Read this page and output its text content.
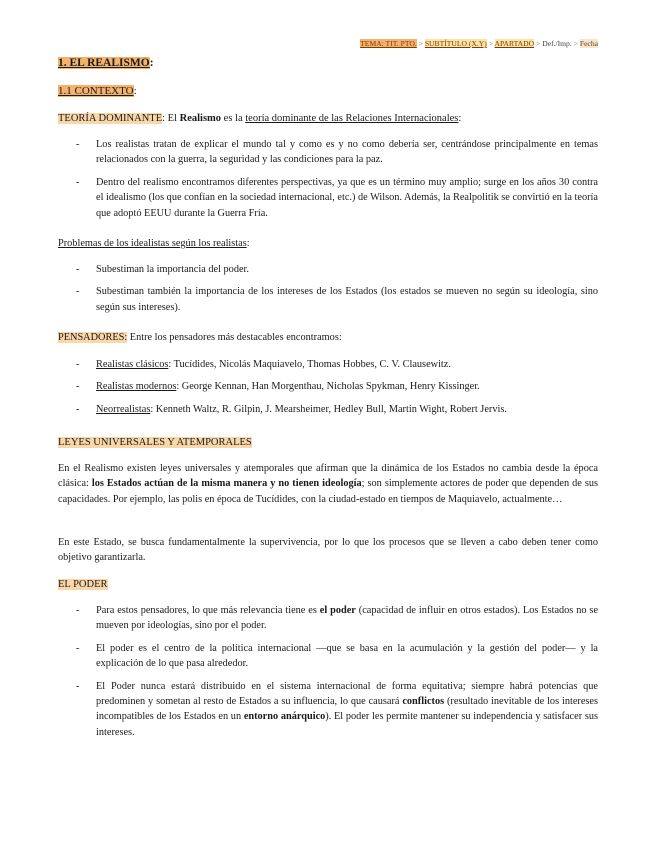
TEMA: TIT. PTO. > SUBTÍTULO (X.Y) > APARTADO > Def./Imp. > Fecha
1. EL REALISMO:
1.1 CONTEXTO:
TEORÍA DOMINANTE: El Realismo es la teoría dominante de las Relaciones Internacionales:
- Los realistas tratan de explicar el mundo tal y como es y no como debería ser, centrándose principalmente en temas relacionados con la guerra, la seguridad y las condiciones para la paz.
- Dentro del realismo encontramos diferentes perspectivas, ya que es un término muy amplio; surge en los años 30 contra el idealismo (los que confían en la sociedad internacional, etc.) de Wilson. Además, la Realpolitik se convirtió en la teoría que adoptó EEUU durante la Guerra Fría.
Problemas de los idealistas según los realistas:
- Subestiman la importancia del poder.
- Subestiman también la importancia de los intereses de los Estados (los estados se mueven no según su ideología, sino según sus intereses).
PENSADORES: Entre los pensadores más destacables encontramos:
- Realistas clásicos: Tucídides, Nicolás Maquiavelo, Thomas Hobbes, C. V. Clausewitz.
- Realistas modernos: George Kennan, Han Morgenthau, Nicholas Spykman, Henry Kissinger.
- Neorrealistas: Kenneth Waltz, R. Gilpin, J. Mearsheimer, Hedley Bull, Martin Wight, Robert Jervis.
LEYES UNIVERSALES Y ATEMPORALES
En el Realismo existen leyes universales y atemporales que afirman que la dinámica de los Estados no cambia desde la época clásica: los Estados actúan de la misma manera y no tienen ideología; son simplemente actores de poder que dependen de sus capacidades. Por ejemplo, las polis en época de Tucídides, con la ciudad-estado en tiempos de Maquiavelo, actualmente…
En este Estado, se busca fundamentalmente la supervivencia, por lo que los procesos que se lleven a cabo deben tener como objetivo garantizarla.
EL PODER
- Para estos pensadores, lo que más relevancia tiene es el poder (capacidad de influir en otros estados). Los Estados no se mueven por ideologías, sino por el poder.
- El poder es el centro de la política internacional —que se basa en la acumulación y la gestión del poder— y la explicación de lo que pasa alrededor.
- El Poder nunca estará distribuido en el sistema internacional de forma equitativa; siempre habrá potencias que predominen y sometan al resto de Estados a su influencia, lo que causará conflictos (resultado inevitable de los intereses incompatibles de los Estados en un entorno anárquico). El poder les permite mantener su independencia y satisfacer sus intereses.
